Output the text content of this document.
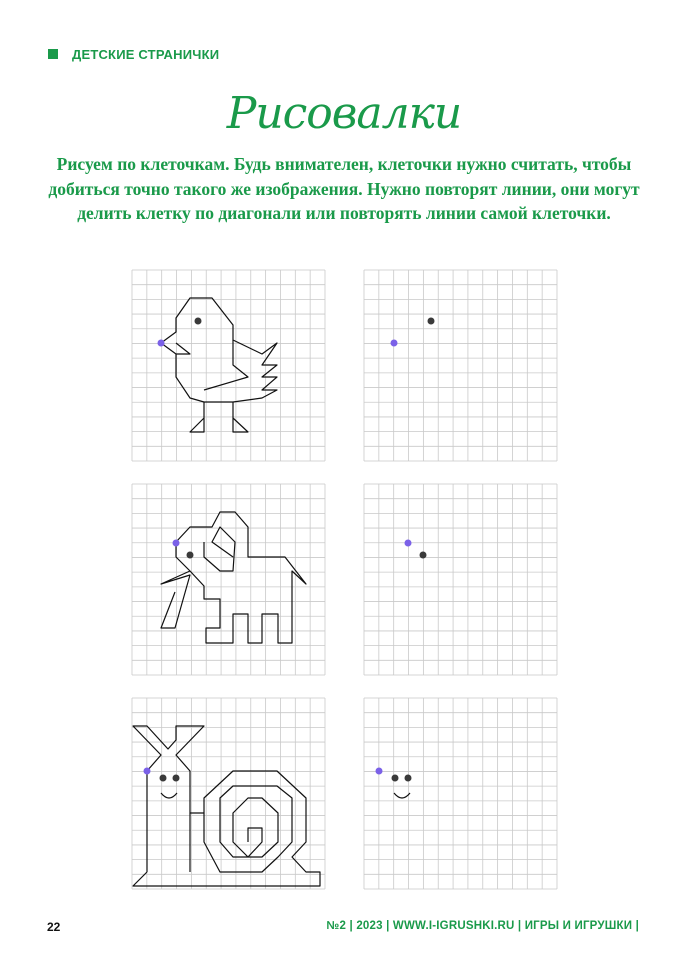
ДЕТСКИЕ СТРАНИЧКИ
Рисовалки
Рисуем по клеточкам. Будь внимателен, клеточки нужно считать, чтобы добиться точно такого же изображения. Нужно повторят линии, они могут делить клетку по диагонали или повторять линии самой клеточки.
22	№2 | 2023 | WWW.I-IGRUSHKI.RU | ИГРЫ И ИГРУШКИ |
